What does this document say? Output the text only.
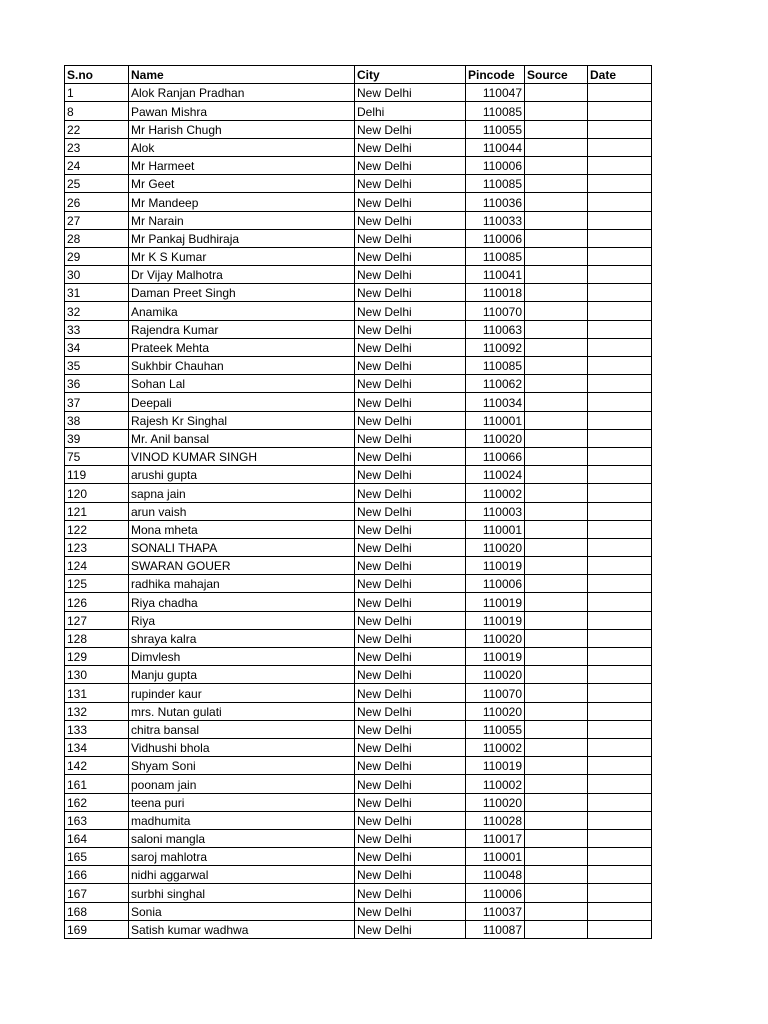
S.no	Name	City	Pincode	Source	Date
1	Alok Ranjan Pradhan	New Delhi	110047		
8	Pawan Mishra	Delhi	110085		
22	Mr Harish Chugh	New Delhi	110055		
23	Alok	New Delhi	110044		
24	Mr Harmeet	New Delhi	110006		
25	Mr Geet	New Delhi	110085		
26	Mr Mandeep	New Delhi	110036		
27	Mr Narain	New Delhi	110033		
28	Mr Pankaj Budhiraja	New Delhi	110006		
29	Mr K S Kumar	New Delhi	110085		
30	Dr Vijay Malhotra	New Delhi	110041		
31	Daman Preet Singh	New Delhi	110018		
32	Anamika	New Delhi	110070		
33	Rajendra Kumar	New Delhi	110063		
34	Prateek Mehta	New Delhi	110092		
35	Sukhbir Chauhan	New Delhi	110085		
36	Sohan Lal	New Delhi	110062		
37	Deepali	New Delhi	110034		
38	Rajesh Kr Singhal	New Delhi	110001		
39	Mr. Anil bansal	New Delhi	110020		
75	VINOD KUMAR SINGH	New Delhi	110066		
119	arushi gupta	New Delhi	110024		
120	sapna jain	New Delhi	110002		
121	arun vaish	New Delhi	110003		
122	Mona mheta	New Delhi	110001		
123	SONALI THAPA	New Delhi	110020		
124	SWARAN GOUER	New Delhi	110019		
125	radhika mahajan	New Delhi	110006		
126	Riya chadha	New Delhi	110019		
127	Riya	New Delhi	110019		
128	shraya kalra	New Delhi	110020		
129	Dimvlesh	New Delhi	110019		
130	Manju gupta	New Delhi	110020		
131	rupinder kaur	New Delhi	110070		
132	mrs. Nutan gulati	New Delhi	110020		
133	chitra bansal	New Delhi	110055		
134	Vidhushi bhola	New Delhi	110002		
142	Shyam Soni	New Delhi	110019		
161	poonam jain	New Delhi	110002		
162	teena puri	New Delhi	110020		
163	madhumita	New Delhi	110028		
164	saloni mangla	New Delhi	110017		
165	saroj mahlotra	New Delhi	110001		
166	nidhi aggarwal	New Delhi	110048		
167	surbhi singhal	New Delhi	110006		
168	Sonia	New Delhi	110037		
169	Satish kumar wadhwa	New Delhi	110087		
